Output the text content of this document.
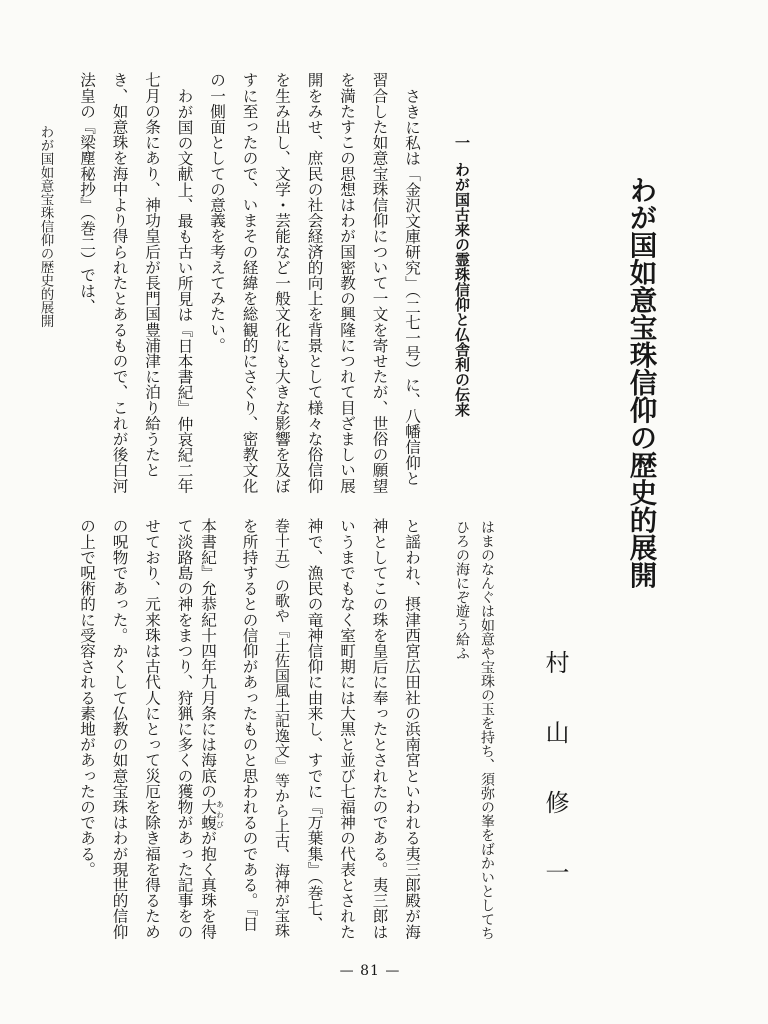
わが国如意宝珠信仰の歴史的展開
村山修一
わが国如意宝珠信仰の歴史的展開	一
わが国古来の霊珠信仰と仏舎利の伝来
さきに私は「金沢文庫研究」（二七一号）に、八幡信仰と
習合した如意宝珠信仰について一文を寄せたが、世俗の願望
を満たすこの思想はわが国密教の興隆につれて目ざましい展
開をみせ、庶民の社会経済的向上を背景として様々な俗信仰
を生み出し、文学・芸能など一般文化にも大きな影響を及ぼ
すに至ったので、いまその経緯を総観的にさぐり、密教文化
の一側面としての意義を考えてみたい。
わが国の文献上、最も古い所見は『日本書紀』仲哀紀二年
七月の条にあり、神功皇后が長門国豊浦津に泊り給うたと
き、如意珠を海中より得られたとあるもので、これが後白河
法皇の『梁塵秘抄』（巻二）では、
はまのなんぐは如意や宝珠の玉を持ち、須弥の峯をばかいとしてち
ひろの海にぞ遊う給ふ
と謡われ、摂津西宮広田社の浜南宮といわれる夷三郎殿が海
神としてこの珠を皇后に奉ったとされたのである。夷三郎は
いうまでもなく室町期には大黒と並び七福神の代表とされた
神で、漁民の竜神信仰に由来し、すでに『万葉集』（巻七、
巻十五）の歌や『土佐国風土記逸文』等から上古、海神が宝珠
を所持するとの信仰があったものと思われるのである。『日
本書紀』允恭紀十四年九月条には海底の大蝮あわびが抱く真珠を得
て淡路島の神をまつり、狩猟に多くの獲物があった記事をの
せており、元来珠は古代人にとって災厄を除き福を得るため
の呪物であった。かくして仏教の如意宝珠はわが現世的信仰
の上で呪術的に受容される素地があったのである。
— 81 —
